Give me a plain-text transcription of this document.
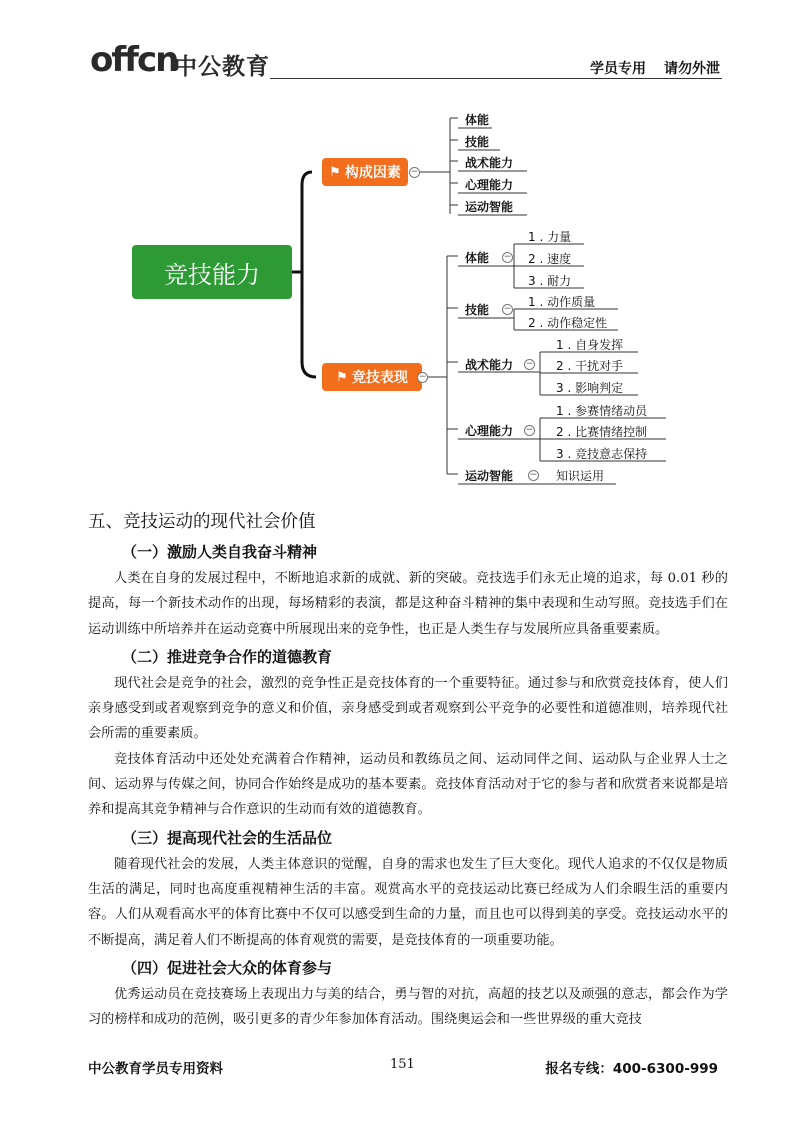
offcn
中公教育	学员专用 请勿外泄
竞技能力
⚑ 构成因素 −
⚑ 竞技表现 −
体能
技能
战术能力
心理能力
运动智能
体能 −
1 . 力量
2 . 速度
3 . 耐力
技能 − 1 . 动作质量
2 . 动作稳定性
战术能力 −
1 . 自身发挥
2 . 干扰对手
3 . 影响判定
心理能力 −
1 . 参赛情绪动员
2 . 比赛情绪控制
3 . 竞技意志保持
运动智能 − 知识运用
五、竞技运动的现代社会价值
（一）激励人类自我奋斗精神

人类在自身的发展过程中，不断地追求新的成就、新的突破。竞技选手们永无止境的追求，每 0.01 秒的提高，每一个新技术动作的出现，每场精彩的表演，都是这种奋斗精神的集中表现和生动写照。竞技选手们在运动训练中所培养并在运动竞赛中所展现出来的竞争性，也正是人类生存与发展所应具备重要素质。

（二）推进竞争合作的道德教育

现代社会是竞争的社会，激烈的竞争性正是竞技体育的一个重要特征。通过参与和欣赏竞技体育，使人们亲身感受到或者观察到竞争的意义和价值，亲身感受到或者观察到公平竞争的必要性和道德准则，培养现代社会所需的重要素质。

竞技体育活动中还处处充满着合作精神，运动员和教练员之间、运动同伴之间、运动队与企业界人士之间、运动界与传媒之间，协同合作始终是成功的基本要素。竞技体育活动对于它的参与者和欣赏者来说都是培养和提高其竞争精神与合作意识的生动而有效的道德教育。

（三）提高现代社会的生活品位

随着现代社会的发展，人类主体意识的觉醒，自身的需求也发生了巨大变化。现代人追求的不仅仅是物质生活的满足，同时也高度重视精神生活的丰富。观赏高水平的竞技运动比赛已经成为人们余暇生活的重要内容。人们从观看高水平的体育比赛中不仅可以感受到生命的力量，而且也可以得到美的享受。竞技运动水平的不断提高，满足着人们不断提高的体育观赏的需要，是竞技体育的一项重要功能。

（四）促进社会大众的体育参与

优秀运动员在竞技赛场上表现出力与美的结合，勇与智的对抗，高超的技艺以及顽强的意志，都会作为学习的榜样和成功的范例，吸引更多的青少年参加体育活动。围绕奥运会和一些世界级的重大竞技

中公教育学员专用资料	151	报名专线：400-6300-999
